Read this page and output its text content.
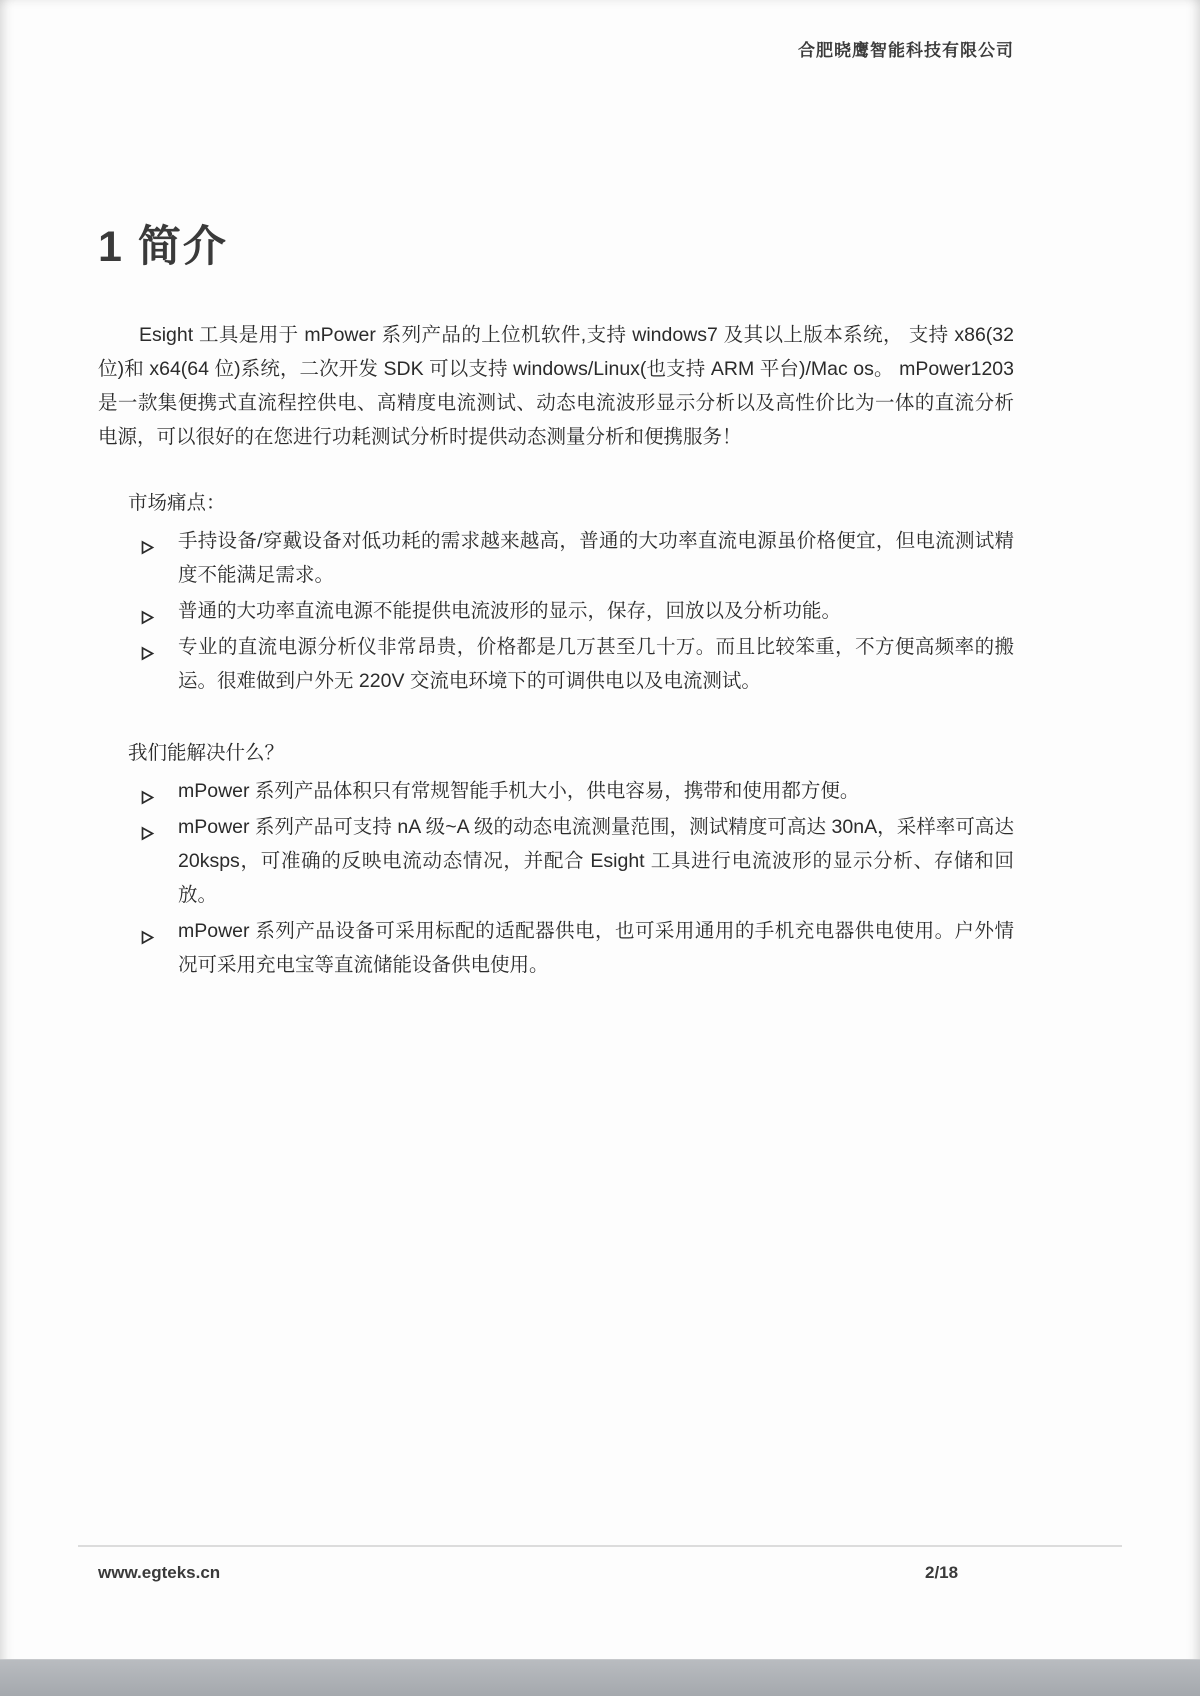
合肥晓鹰智能科技有限公司
1 简介

Esight 工具是用于 mPower 系列产品的上位机软件,支持 windows7 及其以上版本系统， 支持 x86(32 位)和 x64(64 位)系统，二次开发 SDK 可以支持 windows/Linux(也支持 ARM 平台)/Mac os。 mPower1203 是一款集便携式直流程控供电、高精度电流测试、动态电流波形显示分析以及高性价比为一体的直流分析电源，可以很好的在您进行功耗测试分析时提供动态测量分析和便携服务！

市场痛点：
手持设备/穿戴设备对低功耗的需求越来越高，普通的大功率直流电源虽价格便宜，但电流测试精度不能满足需求。
普通的大功率直流电源不能提供电流波形的显示，保存，回放以及分析功能。
专业的直流电源分析仪非常昂贵，价格都是几万甚至几十万。而且比较笨重，不方便高频率的搬运。很难做到户外无 220V 交流电环境下的可调供电以及电流测试。
我们能解决什么？
mPower 系列产品体积只有常规智能手机大小，供电容易，携带和使用都方便。
mPower 系列产品可支持 nA 级~A 级的动态电流测量范围，测试精度可高达 30nA，采样率可高达 20ksps，可准确的反映电流动态情况，并配合 Esight 工具进行电流波形的显示分析、存储和回放。
mPower 系列产品设备可采用标配的适配器供电，也可采用通用的手机充电器供电使用。户外情况可采用充电宝等直流储能设备供电使用。
www.egteks.cn	2/18
